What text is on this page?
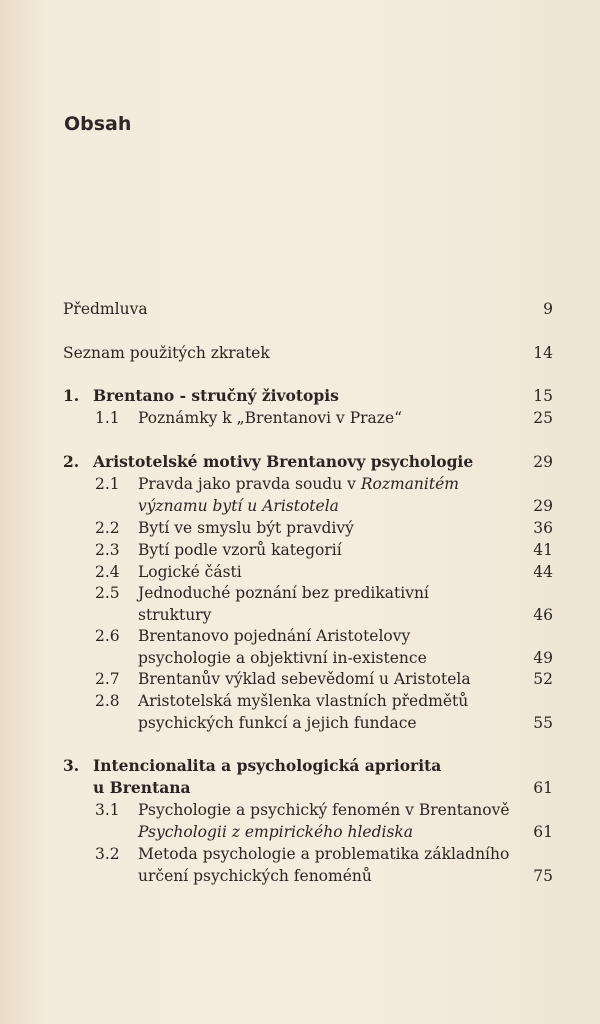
Obsah
Předmluva	9
Seznam použitých zkratek	14
1. Brentano - stručný životopis	15
1.1 Poznámky k „Brentanovi v Praze“	25
2. Aristotelské motivy Brentanovy psychologie	29
2.1 Pravda jako pravda soudu v Rozmanitém
významu bytí u Aristotela	29
2.2 Bytí ve smyslu být pravdivý	36
2.3 Bytí podle vzorů kategorií	41
2.4 Logické části	44
2.5 Jednoduché poznání bez predikativní
struktury	46
2.6 Brentanovo pojednání Aristotelovy
psychologie a objektivní in-existence	49
2.7 Brentanův výklad sebevědomí u Aristotela	52
2.8 Aristotelská myšlenka vlastních předmětů
psychických funkcí a jejich fundace	55
3. Intencionalita a psychologická apriorita
u Brentana	61
3.1 Psychologie a psychický fenomén v Brentanově
Psychologii z empirického hlediska	61
3.2 Metoda psychologie a problematika základního
určení psychických fenoménů	75
